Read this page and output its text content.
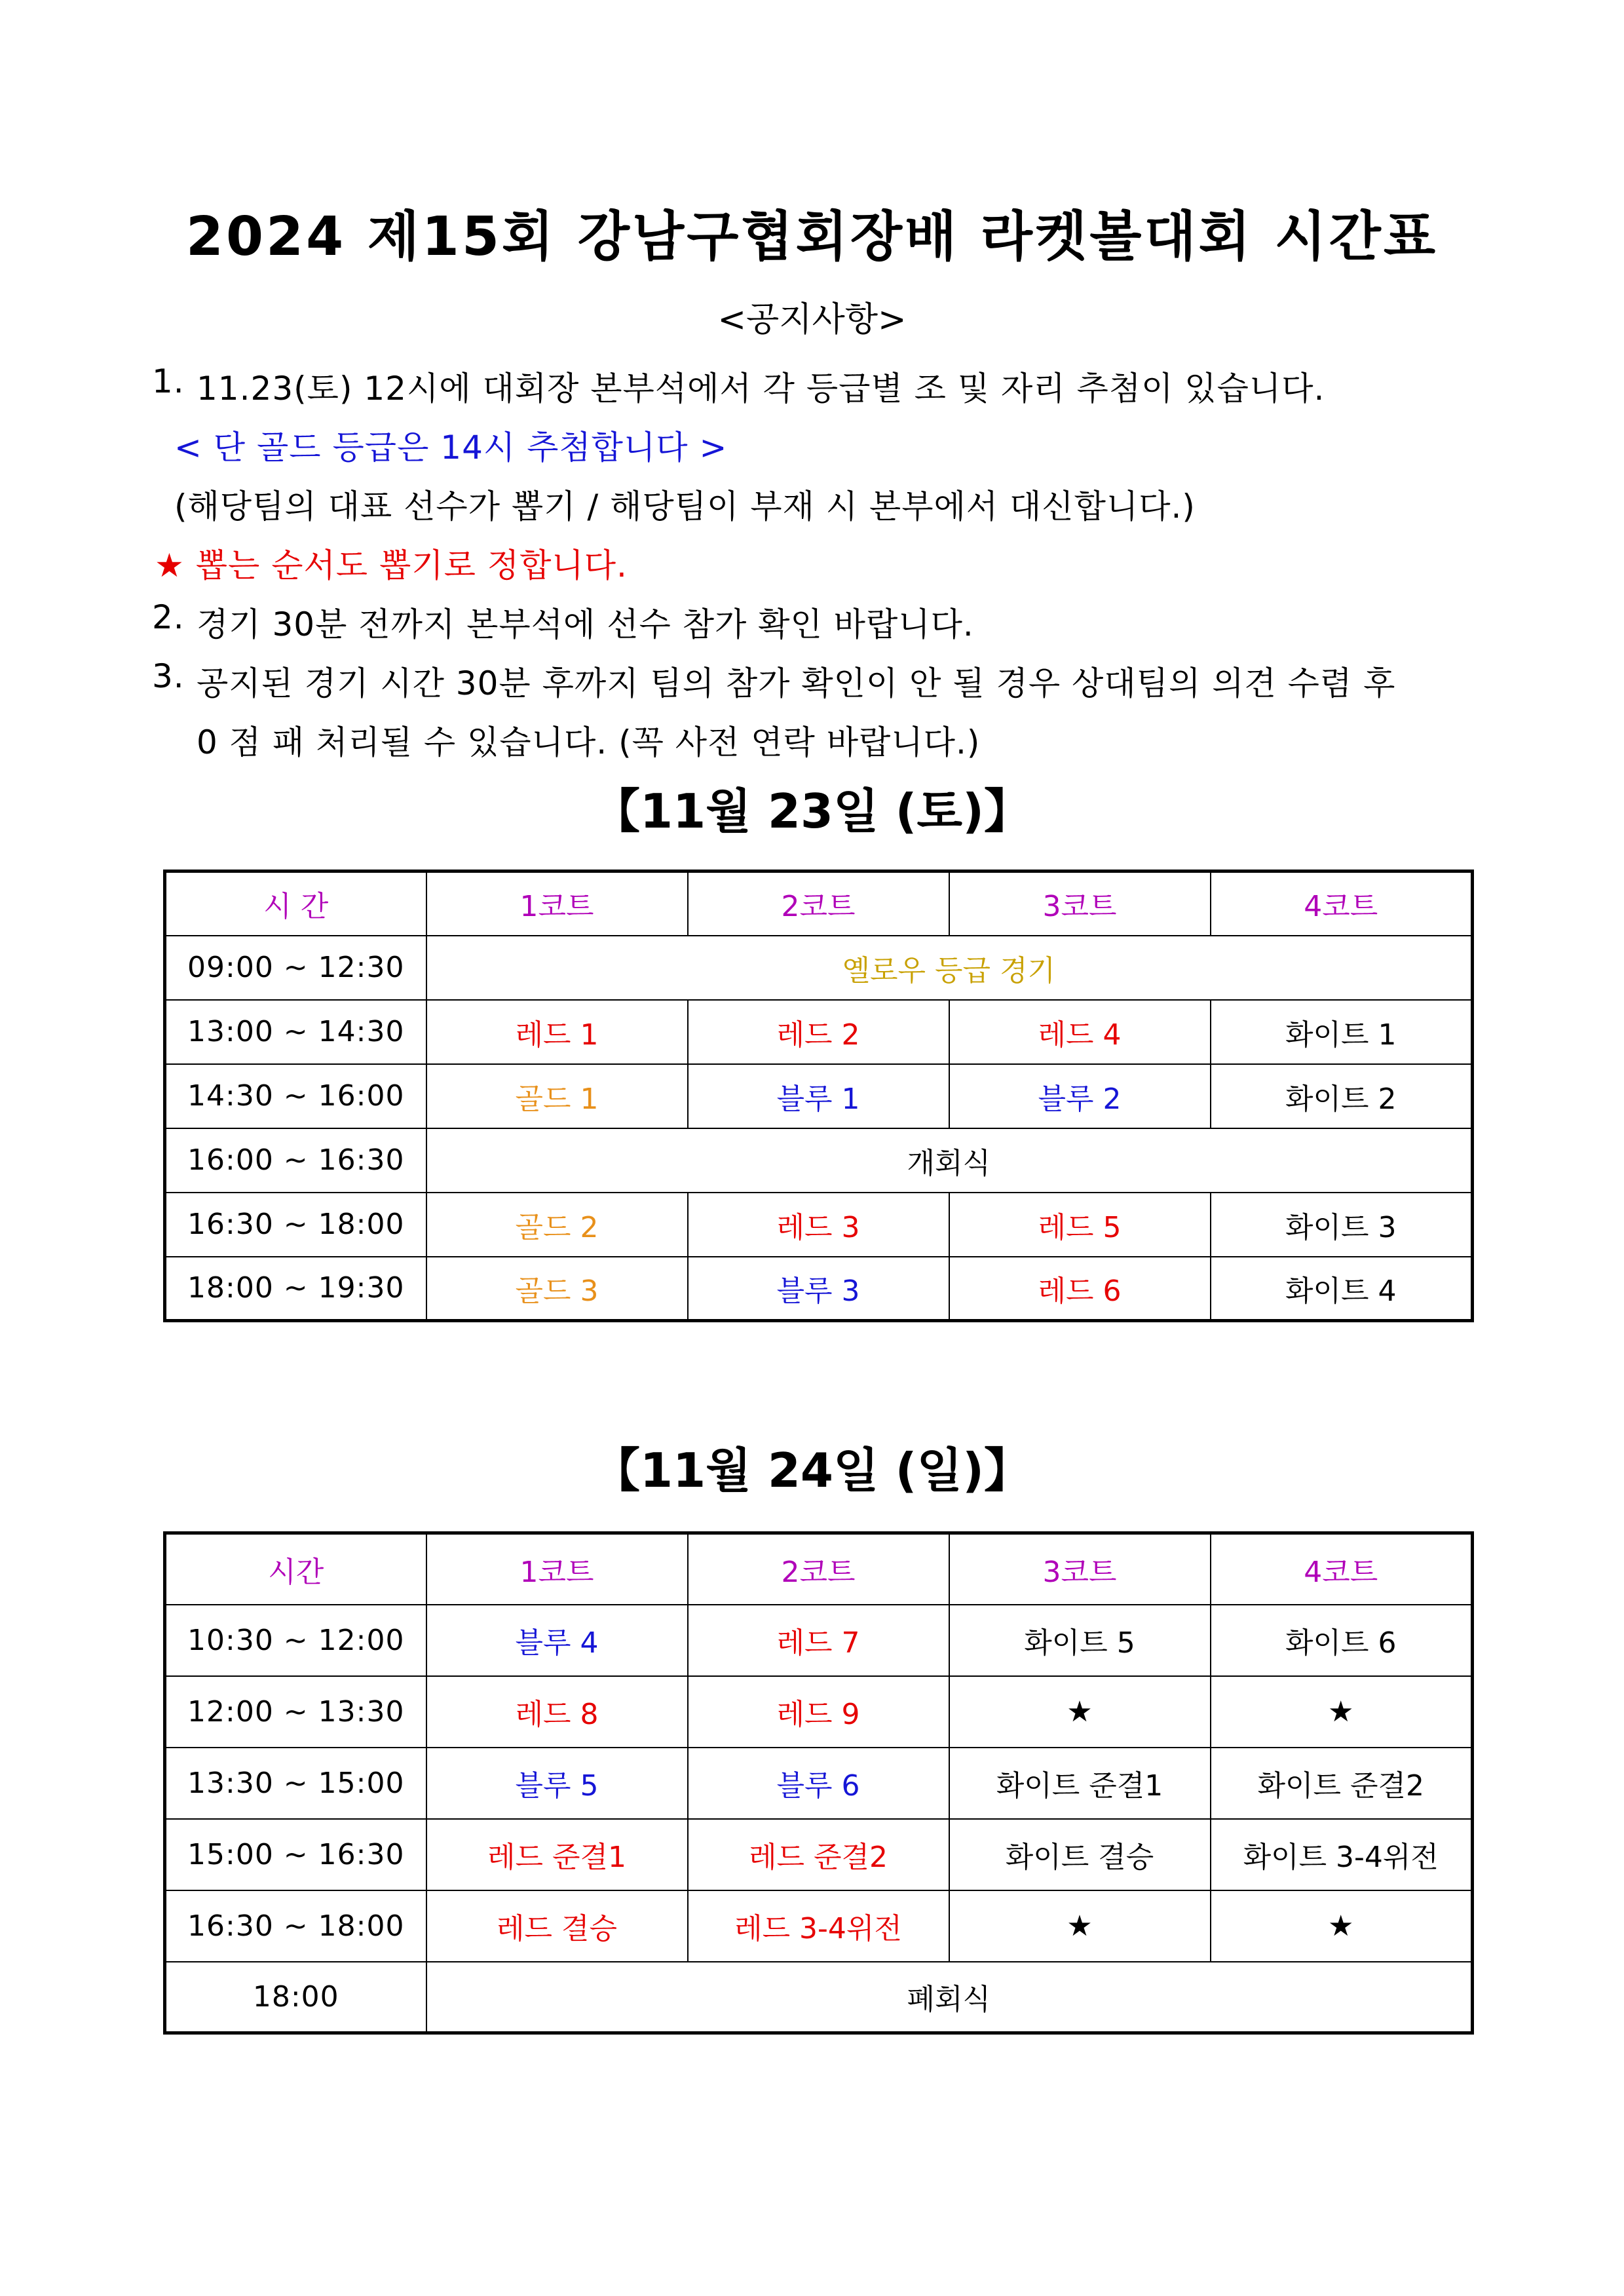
2024 제15회 강남구협회장배 라켓볼대회 시간표
<공지사항>
1. 11.23(토) 12시에 대회장 본부석에서 각 등급별 조 및 자리 추첨이 있습니다.
< 단 골드 등급은 14시 추첨합니다 >
(해당팀의 대표 선수가 뽑기 / 해당팀이 부재 시 본부에서 대신합니다.)
★ 뽑는 순서도 뽑기로 정합니다.
2. 경기 30분 전까지 본부석에 선수 참가 확인 바랍니다.
3. 공지된 경기 시간 30분 후까지 팀의 참가 확인이 안 될 경우 상대팀의 의견 수렴 후
0 점 패 처리될 수 있습니다. (꼭 사전 연락 바랍니다.)
【11월 23일 (토)】
시 간	1코트	2코트	3코트	4코트
09:00 ~ 12:30	옐로우 등급 경기			
13:00 ~ 14:30	레드 1	레드 2	레드 4	화이트 1
14:30 ~ 16:00	골드 1	블루 1	블루 2	화이트 2
16:00 ~ 16:30	개회식			
16:30 ~ 18:00	골드 2	레드 3	레드 5	화이트 3
18:00 ~ 19:30	골드 3	블루 3	레드 6	화이트 4
【11월 24일 (일)】
시간	1코트	2코트	3코트	4코트
10:30 ~ 12:00	블루 4	레드 7	화이트 5	화이트 6
12:00 ~ 13:30	레드 8	레드 9	★	★
13:30 ~ 15:00	블루 5	블루 6	화이트 준결1	화이트 준결2
15:00 ~ 16:30	레드 준결1	레드 준결2	화이트 결승	화이트 3-4위전
16:30 ~ 18:00	레드 결승	레드 3-4위전	★	★
18:00	폐회식			
